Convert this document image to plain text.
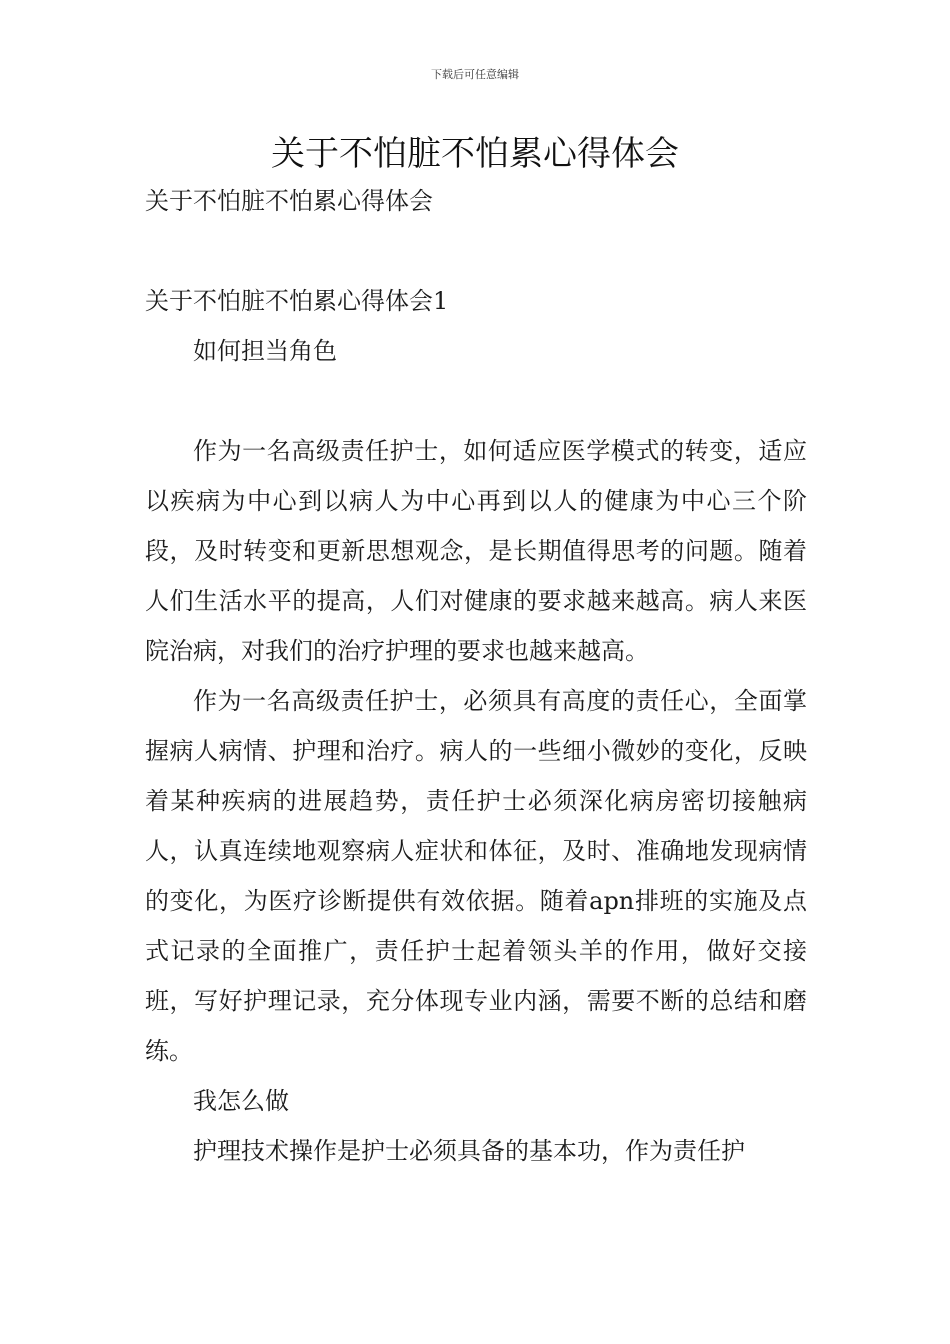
下载后可任意编辑
关于不怕脏不怕累心得体会

关于不怕脏不怕累心得体会

关于不怕脏不怕累心得体会1

如何担当角色

作为一名高级责任护士，如何适应医学模式的转变，适应以疾病为中心到以病人为中心再到以人的健康为中心三个阶段，及时转变和更新思想观念，是长期值得思考的问题。随着人们生活水平的提高，人们对健康的要求越来越高。病人来医院治病，对我们的治疗护理的要求也越来越高。

作为一名高级责任护士，必须具有高度的责任心，全面掌握病人病情、护理和治疗。病人的一些细小微妙的变化，反映着某种疾病的进展趋势，责任护士必须深化病房密切接触病人，认真连续地观察病人症状和体征，及时、准确地发现病情的变化，为医疗诊断提供有效依据。随着apn排班的实施及点式记录的全面推广，责任护士起着领头羊的作用，做好交接班，写好护理记录，充分体现专业内涵，需要不断的总结和磨练。

我怎么做

护理技术操作是护士必须具备的基本功，作为责任护
